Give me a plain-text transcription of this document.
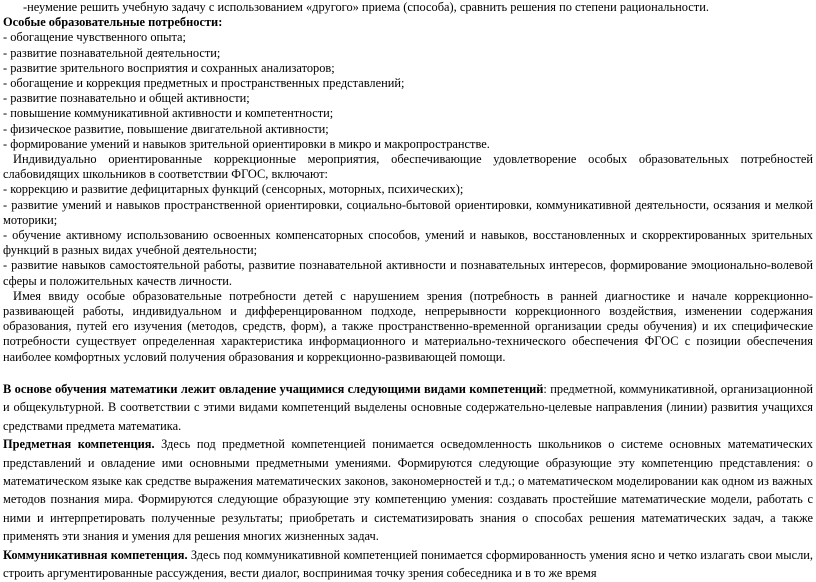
-неумение решить учебную задачу с использованием «другого» приема (способа), сравнить решения по степени рациональности.

Особые образовательные потребности:

- обогащение чувственного опыта;

- развитие познавательной деятельности;

- развитие зрительного восприятия и сохранных анализаторов;

- обогащение и коррекция предметных и пространственных представлений;

- развитие познавательно и общей активности;

- повышение коммуникативной активности и компетентности;

- физическое развитие, повышение двигательной активности;

- формирование умений и навыков зрительной ориентировки в микро и макропространстве.

Индивидуально ориентированные коррекционные мероприятия, обеспечивающие удовлетворение особых образовательных потребностей слабовидящих школьников в соответствии ФГОС, включают:

- коррекцию и развитие дефицитарных функций (сенсорных, моторных, психических);

- развитие умений и навыков пространственной ориентировки, социально-бытовой ориентировки, коммуникативной деятельности, осязания и мелкой моторики;

- обучение активному использованию освоенных компенсаторных способов, умений и навыков, восстановленных и скорректированных зрительных функций в разных видах учебной деятельности;

- развитие навыков самостоятельной работы, развитие познавательной активности и познавательных интересов, формирование эмоционально-волевой сферы и положительных качеств личности.

Имея ввиду особые образовательные потребности детей с нарушением зрения (потребность в ранней диагностике и начале коррекционно-развивающей работы, индивидуальном и дифференцированном подходе, непрерывности коррекционного воздействия, изменении содержания образования, путей его изучения (методов, средств, форм), а также пространственно-временной организации среды обучения) и их специфические потребности существует определенная характеристика информационного и материально-технического обеспечения ФГОС с позиции обеспечения наиболее комфортных условий получения образования и коррекционно-развивающей помощи.

В основе обучения математики лежит овладение учащимися следующими видами компетенций: предметной, коммуникативной, организационной и общекультурной. В соответствии с этими видами компетенций выделены основные содержательно-целевые направления (линии) развития учащихся средствами предмета математика.

Предметная компетенция. Здесь под предметной компетенцией понимается осведомленность школьников о системе основных математических представлений и овладение ими основными предметными умениями. Формируются следующие образующие эту компетенцию представления: о математическом языке как средстве выражения математических законов, закономерностей и т.д.; о математическом моделировании как одном из важных методов познания мира. Формируются следующие образующие эту компетенцию умения: создавать простейшие математические модели, работать с ними и интерпретировать полученные результаты; приобретать и систематизировать знания о способах решения математических задач, а также применять эти знания и умения для решения многих жизненных задач.

Коммуникативная компетенция. Здесь под коммуникативной компетенцией понимается сформированность умения ясно и четко излагать свои мысли, строить аргументированные рассуждения, вести диалог, воспринимая точку зрения собеседника и в то же время
